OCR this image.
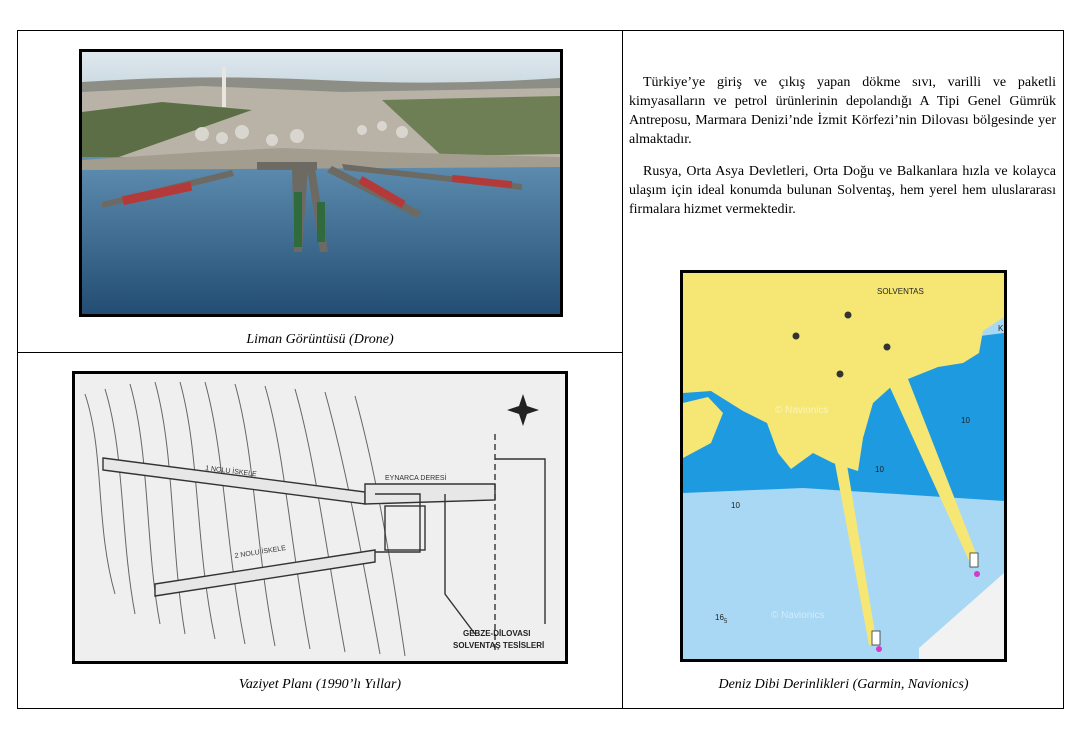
Liman Görüntüsü (Drone)
1 NOLU İSKELE
2 NOLU İSKELE
EYNARCA DERESİ
GEBZE-DİLOVASI
SOLVENTAŞ TESİSLERİ
Vaziyet Planı (1990’lı Yıllar)
Türkiye’ye giriş ve çıkış yapan dökme sıvı, varilli ve paketli kimyasalların ve petrol ürünlerinin depolandığı A Tipi Genel Gümrük Antreposu, Marmara Denizi’nde İzmit Körfezi’nin Dilovası bölgesinde yer almaktadır.
Rusya, Orta Asya Devletleri, Orta Doğu ve Balkanlara hızla ve kolayca ulaşım için ideal konumda bulunan Solventaş, hem yerel hem uluslararası firmalara hizmet vermektedir.
SOLVENTAS
10
10
10
16 5
K
© Navionics
© Navionics
Deniz Dibi Derinlikleri (Garmin, Navionics)
